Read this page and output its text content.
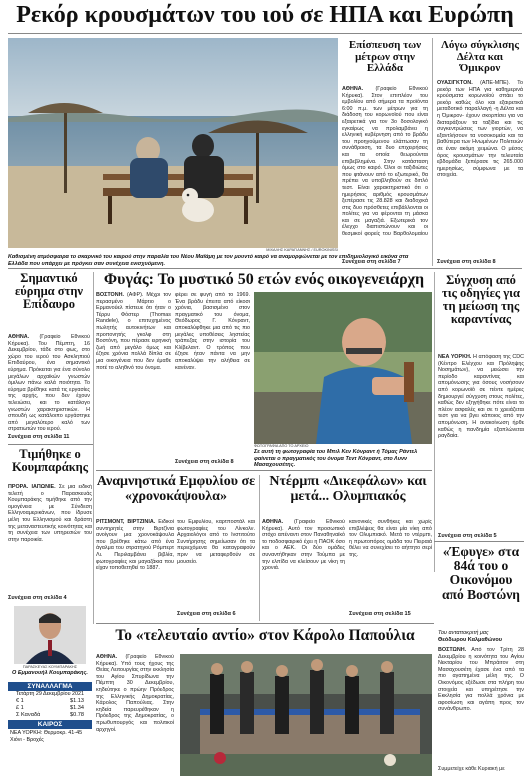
Ρεκόρ κρουσμάτων του ιού σε ΗΠΑ και Ευρώπη
ΜΙΧΑΛΗΣ ΚΑΡΑΓΙΑΝΝΗΣ / EUROKINISSI
Καθισμένη ατμόσφαιρα το σκαρνικό του καιρού στην παραλία του Νέου Μαϊάμη με τον μουντό καιρό να αναμορφώνεται με τον επιδημιολογικό εικόνα στα Ελλάδα που υπάρχει με πρόγκει σαν συνέχεια ενισχυόμενη.
Επίσπευση των μέτρων στην Ελλάδα
ΑΘΗΝΑ. (Γραφείο Εθνικού Κήρυκα). Στον επιπλέον του εμβολίου από σήμερα τα προϊόντα 6:00 π.μ. των μέτρων για τη διάδοση του κορωνοϊού που είναι εξαιρετικά για τον 3ο δοσολογικό εγκαίρως να προλαμβάνει η ελληνική κυβέρνηση από το βράδυ του προηγούμενου ελάττωσαν τη συνάθροιση, τα δυο επιχειρήσεις και τα οποία θεωρούνται επιβεβλημένα. Στην κατάσταση όμως στο καιρό. Όλοι οι ταξιδιώτες που φτάνουν από το εξωτερικό, θα πρέπει να υποβληθούν σε διπλό τεστ. Είναι χαρακτηριστικό ότι ο ημερήσιος αριθμός κρουσμάτων ξεπέρασε τις 28.828 και διαδοχικά στις δυο πρόσθετες επιβάλλονται οι πολίτες για να φέρονται τη μάσκα και σε μαγαζιά. Εξωτερικά τον έλεγχο διαπιστώνουν και οι θεσμικοί φορείς του Βαρθολομαίου
Συνέχεια στη σελίδα 7
Λόγω σύγκλισης Δέλτα και Όμικρον
ΟΥΑΣΙΓΚΤΟΝ. (ΑΠΕ-ΜΠΕ). Το ρεκόρ των ΗΠΑ για καθημερινά κρούσματα κορωνοϊού σπάει το ρεκόρ καθώς όλο και εξαιρετικά μεταδοτικό παραλλαγή -η Δέλτα και η Όμικρον- έχουν σκορπίσει για να διαταράξουν τα ταξίδια και τις συγκεντρώσεις των γιορτών, να εξαντλήσουν τα νοσοκομεία και τα βαθύτερα των Ηνωμένων Πολιτειών σε έναν ακόμη χειμώνα. Ο μέσος όρος κρουσμάτων την τελευταία εβδομάδα ξεπέρασε τις 265.000 ημερησίως, σύμφωνα με τα στοιχεία.
Συνέχεια στη σελίδα 8
Σημαντικό εύρημα στην Επίδαυρο
ΑΘΗΝΑ. (Γραφείο Εθνικού Κήρυκα). Του Πέμπτη, 16 Δεκεμβρίου, τάδε στο φως, στο χώρο του ιερού του Ασκληπιού Επιδαύρου, ένα σημαντικό εύρημα. Πρόκειται για ένα σύνολο μεγάλων αρχαϊκών γνωστών όμιλων πάνω καλά ποιότητα. Το εύρημα βρέθηκε κατά τις εργασίες της αρχής, που δεν έχουν τελειώσει, και το κατάλογο γνωστών χαρακτηριστικών. Η σπουδή ως κατάλοιπο εργάστηκε από μεγαλύτερο καλό των στρατιωτών του ιερού.
Συνέχεια στη σελίδα 11
Φυγάς: Το μυστικό 50 ετών ενός οικογενειάρχη
ΒΟΣΤΟΝΗ. (ΑΦΡ). Μέχρι τον περασμένο Μάρτιο ο Ερμανούελ πίστευε ότι ήταν ο Τέρρυ Φόστερ (Thomas Randele), ο επιτυχημένος πωλητής αυτοκινήτων και προπονητής γκολφ στη Βοστόνη, που πέρασε ειρηνική ζωή από μεγάλο όμως και έζησε χρόνια πολλά δίπλα σε μια οικογένεια που δεν έμαθε ποτέ το αληθινό του όνομα.
φέρει σε φυγή από το 1969. Ένα βράδυ έπειτα από είκοσι χρόνια, βασισμένο στον πραγματικό του όνομα, Θεόδωρος Γ. Κόνραντ, αποκαλύφθηκε μια από τις πιο μεγάλες υποθέσεις ληστείας τράπεζας στην ιστορία του Κλίβελαντ. Ο τρόπος που έζησε ήταν πάντα να μην αποκαλύψει την αλήθεια σε κανέναν.
Συνέχεια στη σελίδα 8
ΦΩΤΟΓΡΑΦΙΑ ΑΠΟ ΤΟ ΑΡΧΕΙΟ
Σε αυτή τη φωτογραφία του Μπιλ Κεν Κόνραντ ή Τόμας Ράντελ φαίνεται ο πραγματικός του όνομα Τεντ Κόνραντ, στο Λυνν Μασαχουσέτης.
Σύγχυση από τις οδηγίες για τη μείωση της καραντίνας
ΝΕΑ ΥΟΡΚΗ. Η απόφαση της CDC (Κέντρο Ελέγχου και Πρόληψης Νοσημάτων), να μειώσει την περίοδο καραντίνας και απομόνωσης για όσους νοσήσουν από κορωνοϊό σε πέντε ημέρες δημιουργεί σύγχυση στους πολίτες, καθώς δεν εξηγήθηκε πότε είναι το πλέον ασφαλές και σε τι χρειάζεται τεστ για να βγει κάποιος από την απομόνωση. Η ανακοίνωση ήρθε καθώς η πανδημία εξαπλώνεται ραγδαία.
Συνέχεια στη σελίδα 5
Τιμήθηκε ο Κουμπαράκης
ΠΡΟΡΑ. ΙΑΠΩΝΙΕ. Σε μια ειδική τελετή ο Παρασκευάς Κουμπαράκης τιμήθηκε από την ομογένεια με Σύνδεση Ελληνοαμερικάνων, που ίδρυσε μέλη του Ελληνισμού και δράστη της μεταναστευτικής κοινότητας και τη συνέχεια των υπηρεσιών του στην παροικία.
Συνέχεια στη σελίδα 4
ΠΑΡΑΣΚΕΥΑΣ ΚΟΥΜΠΑΡΑΚΗΣ
Ο Εμμανουήλ Κουμπαράκης.
ΣΥΝΑΛΛΑΓΜΑ
Τετάρτη 29 Δεκεμβρίου 2021
€ 1	$1.13
£ 1	$1.34
Σ Καναδά	$0.78
ΚΑΙΡΟΣ
ΝΕΑ ΥΟΡΚΗ: Θερμοκρ. 41-45 Χιόνι - Βροχές
Αναμνηστικά Εμφυλίου σε «χρονοκάψουλα»
ΡΙΤΣΜΟΝΤ, ΒΙΡΤΖΙΝΙΑ. Ειδικοί συντηρητές στην Βιρτζίνια ανοίγουν μια χρονοκάψουλα που βρέθηκε κάτω από ένα άγαλμα του στρατηγού Ρόμπερτ Λι. Περιλαμβάνει βιβλία, φωτογραφίες και μαγαζάκια που είχαν τοποθετηθεί το 1887.
του Εμφυλίου, καρτποστάλ και φωτογραφίες του Λίνκολν. Αρχαιολόγοι από το Ινστιτούτο Συντήρησης σημείωσαν ότι τα περιεχόμενα θα καταγραφούν πριν να μεταφερθούν σε μουσείο.
Συνέχεια στη σελίδα 6
Ντέρμπι «Δικεφάλων» και μετά... Ολυμπιακός
ΑΘΗΝΑ. (Γραφείο Εθνικού Κήρυκα). Αυτό τον προσωπικό στόχο απέναντι στον Παναθηναϊκό το ποδοσφαιρικό έχει η ΠΑΟΚ όσο και ο ΑΕΚ. Οι δύο ομάδες συναντήθηκαν στην Τούμπα με την ελπίδα να κλείσουν με νίκη τη χρονιά.
κανονικές συνθήκες και χωρίς επιβλέψεις θα είναι μία νίκη από τον Ολυμπιακό. Μετά το ντέρμπι, η πρωτοπόρος ομάδα του Πειραιά θέλει να συνεχίσει το αήττητο σερί της.
Συνέχεια στη σελίδα 15
«Έφυγε» στα 84ά του ο Οικονόμου από Βοστώνη
Του ανταποκριτή μας
Θεόδωρου Καλμαθώνου
ΒΟΣΤΩΝΗ. Από τον Τρίτη 28 Δεκεμβρίου η κοινότητα του Αγίου Νεκταρίου του Μπράιτον στη Μασαχουσέτη έχασε ένα από τα πιο αγαπημένα μέλη της. Ο Οικονόμος εξέδωσε στα πλήρη του στοιχεία και υπηρέτησε την Εκκλησία για πολλά χρόνια με αφοσίωση και αγάπη προς τον συνάνθρωπο.
Συμμετείχε κάθε Κυριακή με
Το «τελευταίο αντίο» στον Κάρολο Παπούλια
ΑΘΗΝΑ. (Γραφείο Εθνικού Κήρυκα). Υπό τους ήχους της Θείας Λειτουργίας στην εκκλησία του Αγίου Σπυρίδωνα την Πέμπτη 30 Δεκεμβρίου, κηδεύτηκε ο πρώην Πρόεδρος της Ελληνικής Δημοκρατίας, Κάρολος Παπούλιας. Στην κηδεία παρευρέθηκαν η Πρόεδρος της Δημοκρατίας, ο πρωθυπουργός και πολιτικοί αρχηγοί.
